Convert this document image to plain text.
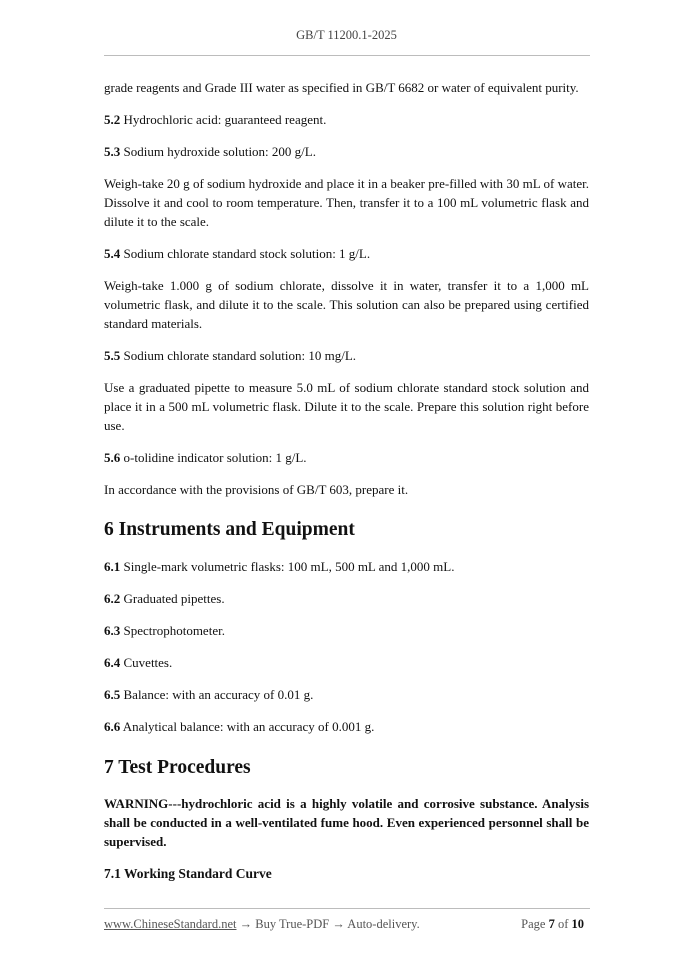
GB/T 11200.1-2025

grade reagents and Grade III water as specified in GB/T 6682 or water of equivalent purity.

5.2 Hydrochloric acid: guaranteed reagent.

5.3 Sodium hydroxide solution: 200 g/L.

Weigh-take 20 g of sodium hydroxide and place it in a beaker pre-filled with 30 mL of water. Dissolve it and cool to room temperature. Then, transfer it to a 100 mL volumetric flask and dilute it to the scale.

5.4 Sodium chlorate standard stock solution: 1 g/L.

Weigh-take 1.000 g of sodium chlorate, dissolve it in water, transfer it to a 1,000 mL volumetric flask, and dilute it to the scale. This solution can also be prepared using certified standard materials.

5.5 Sodium chlorate standard solution: 10 mg/L.

Use a graduated pipette to measure 5.0 mL of sodium chlorate standard stock solution and place it in a 500 mL volumetric flask. Dilute it to the scale. Prepare this solution right before use.

5.6 o-tolidine indicator solution: 1 g/L.

In accordance with the provisions of GB/T 603, prepare it.

6 Instruments and Equipment

6.1 Single-mark volumetric flasks: 100 mL, 500 mL and 1,000 mL.

6.2 Graduated pipettes.

6.3 Spectrophotometer.

6.4 Cuvettes.

6.5 Balance: with an accuracy of 0.01 g.

6.6 Analytical balance: with an accuracy of 0.001 g.

7 Test Procedures

WARNING---hydrochloric acid is a highly volatile and corrosive substance. Analysis shall be conducted in a well-ventilated fume hood. Even experienced personnel shall be supervised.

7.1 Working Standard Curve
www.ChineseStandard.net → Buy True-PDF → Auto-delivery.	Page 7 of 10
